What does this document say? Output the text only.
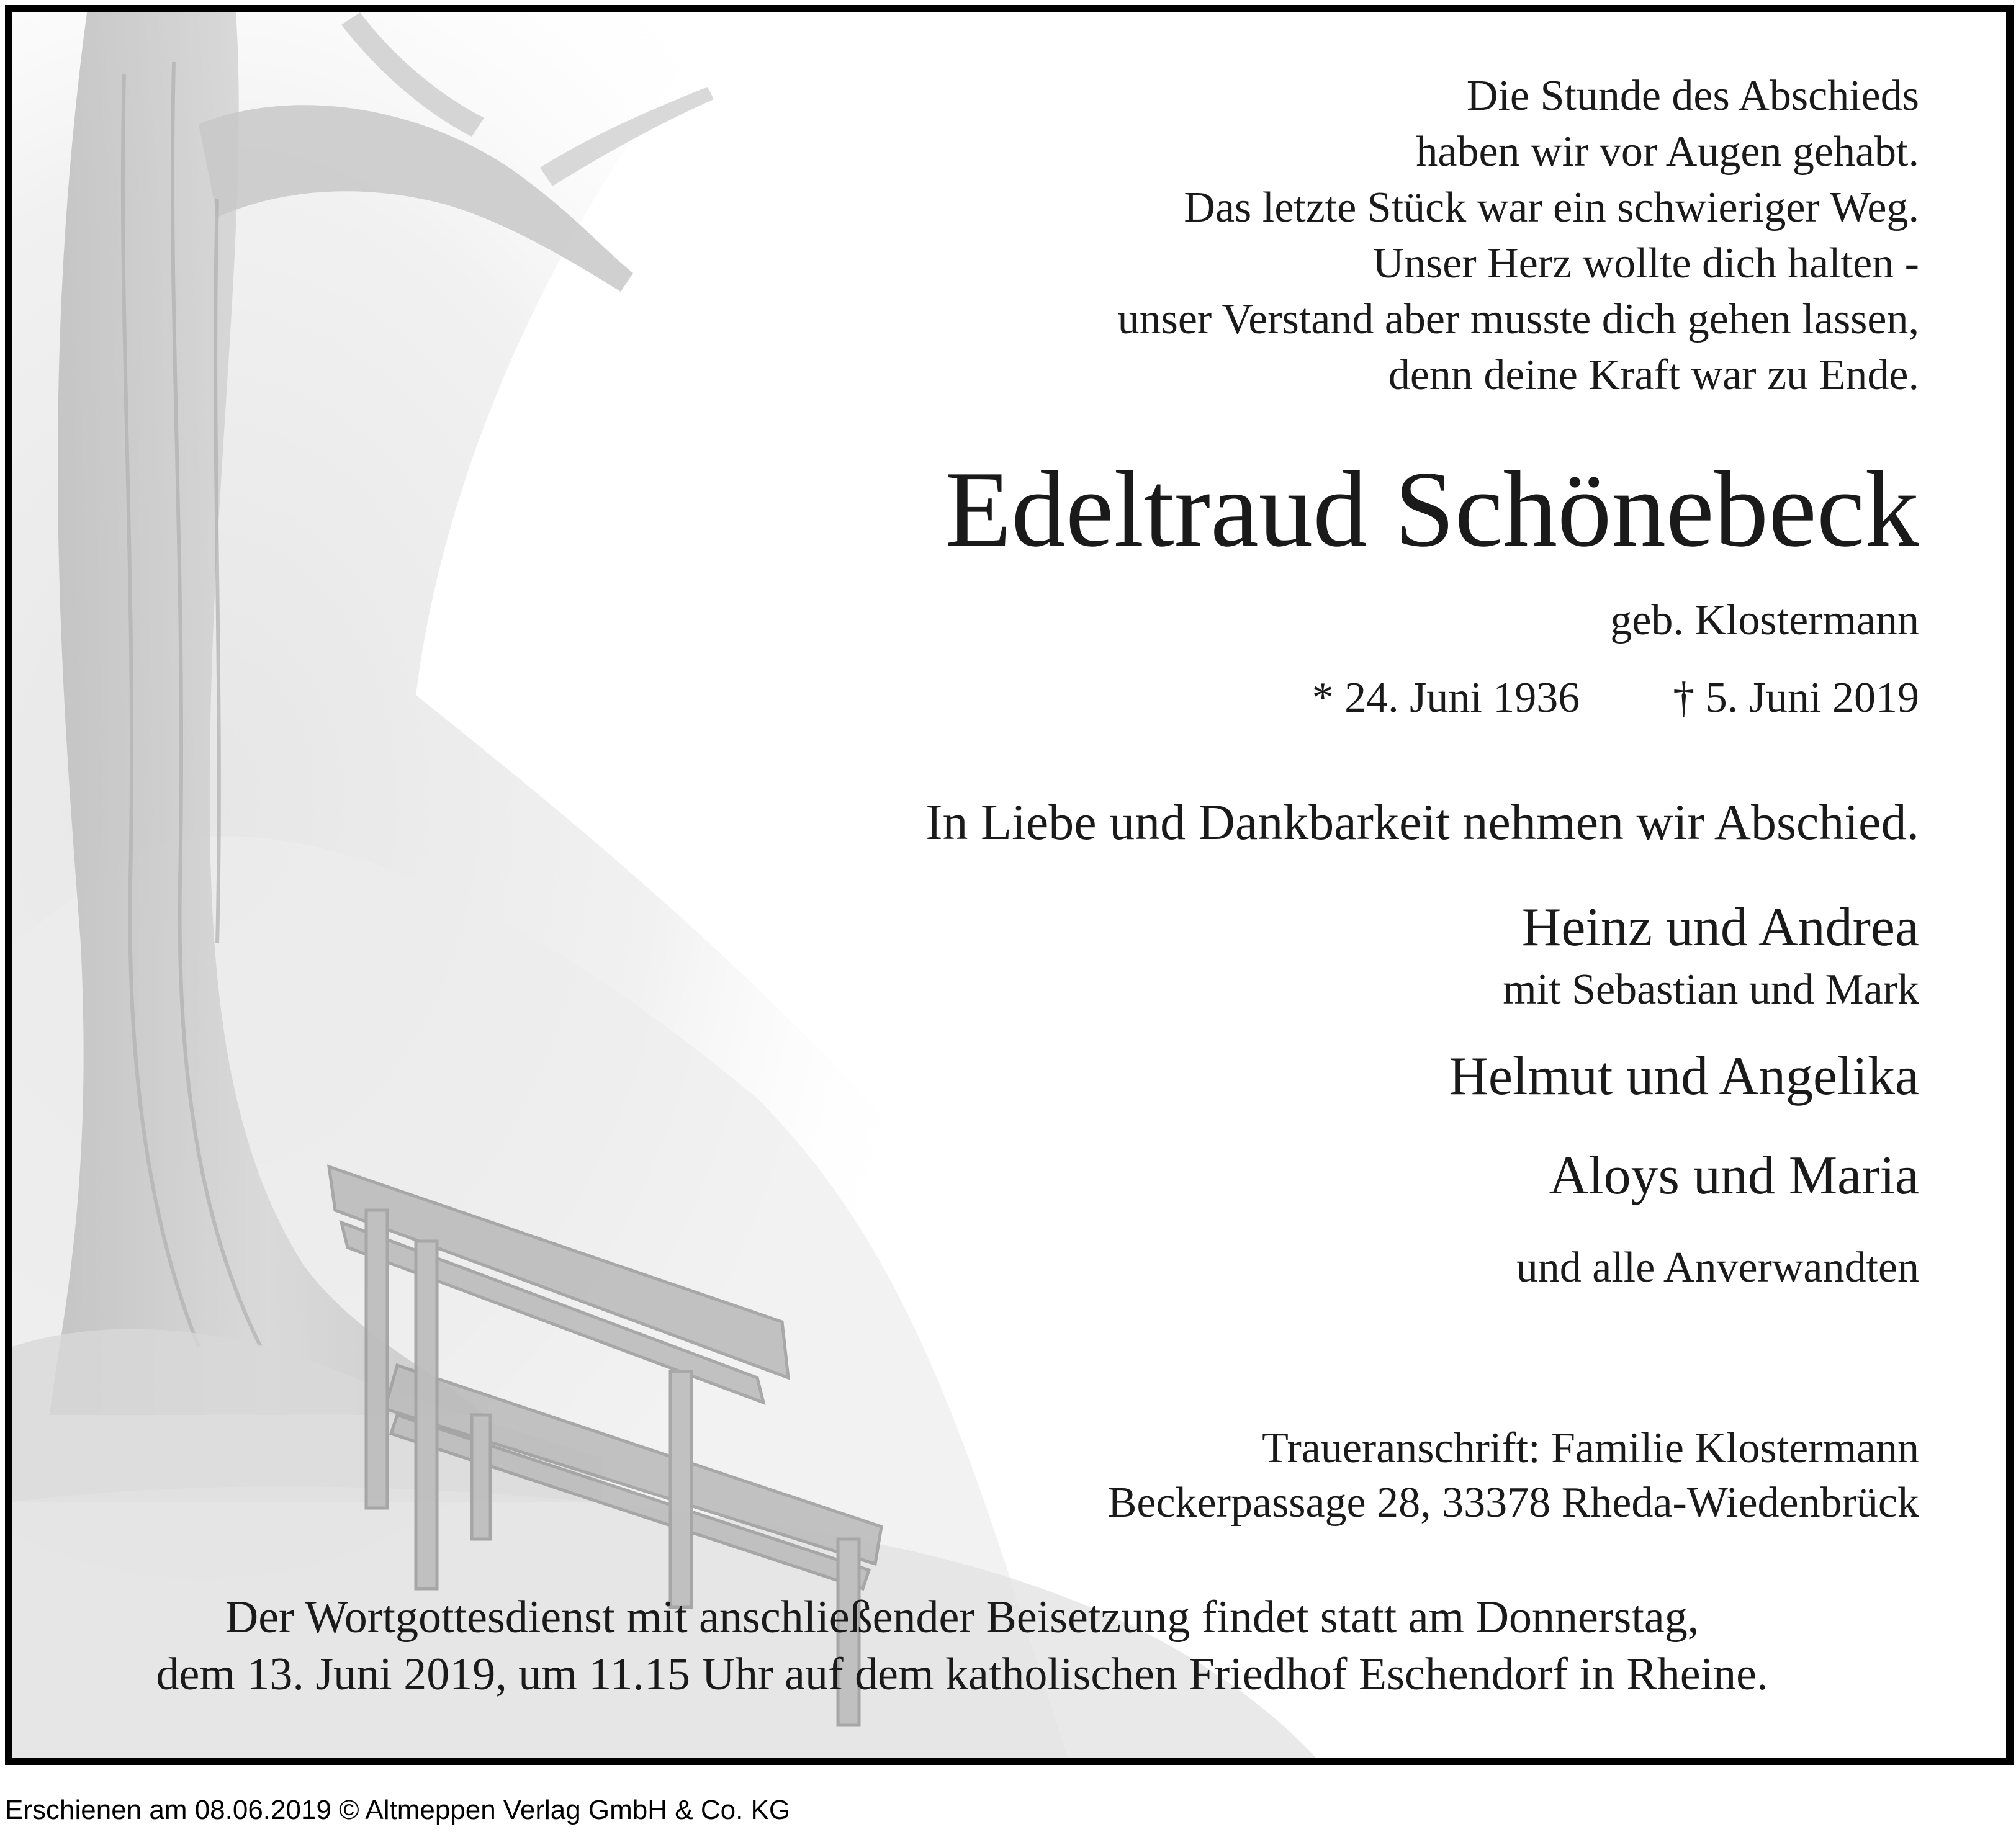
Die Stunde des Abschieds
haben wir vor Augen gehabt.
Das letzte Stück war ein schwieriger Weg.
Unser Herz wollte dich halten -
unser Verstand aber musste dich gehen lassen,
denn deine Kraft war zu Ende.
Edeltraud Schönebeck
geb. Klostermann
* 24. Juni 1936 † 5. Juni 2019
In Liebe und Dankbarkeit nehmen wir Abschied.
Heinz und Andrea
mit Sebastian und Mark
Helmut und Angelika
Aloys und Maria
und alle Anverwandten
Traueranschrift: Familie Klostermann
Beckerpassage 28, 33378 Rheda-Wiedenbrück
Der Wortgottesdienst mit anschließender Beisetzung findet statt am Donnerstag,
dem 13. Juni 2019, um 11.15 Uhr auf dem katholischen Friedhof Eschendorf in Rheine.
Erschienen am 08.06.2019 © Altmeppen Verlag GmbH & Co. KG
